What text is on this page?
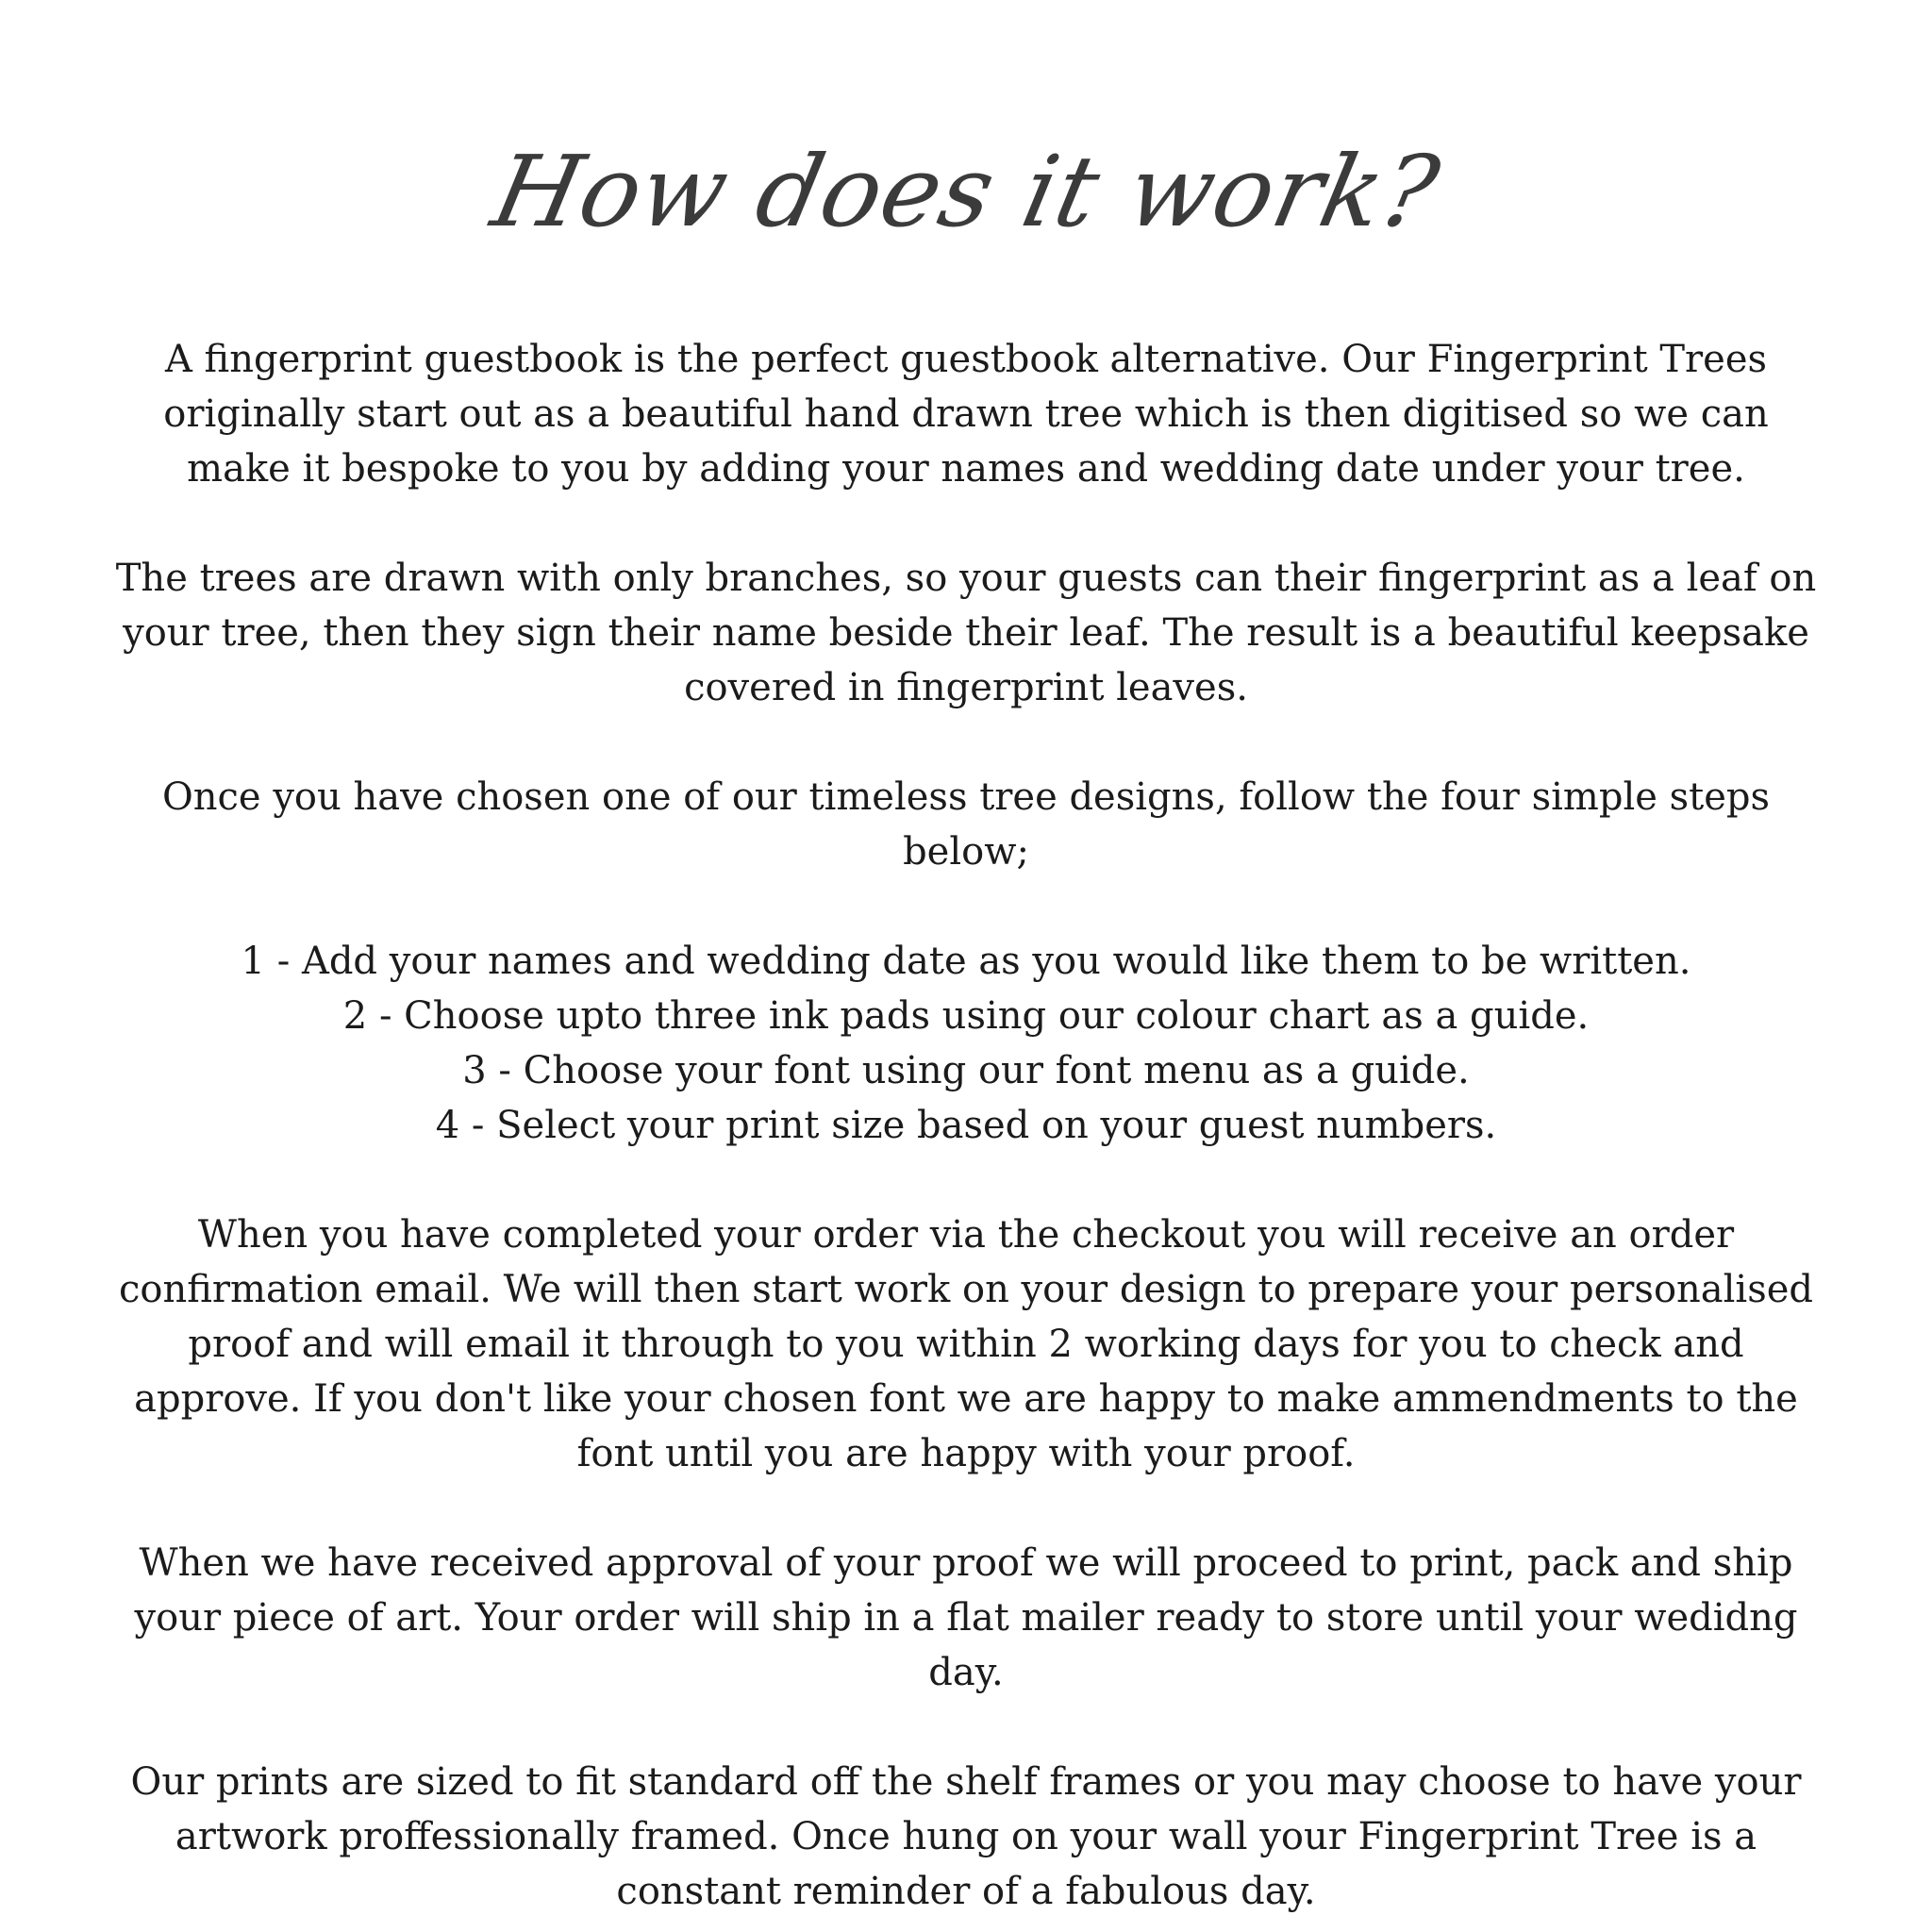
How does it work?

A fingerprint guestbook is the perfect guestbook alternative. Our Fingerprint Trees originally start out as a beautiful hand drawn tree which is then digitised so we can make it bespoke to you by adding your names and wedding date under your tree.

The trees are drawn with only branches, so your guests can their fingerprint as a leaf on your tree, then they sign their name beside their leaf. The result is a beautiful keepsake covered in fingerprint leaves.

Once you have chosen one of our timeless tree designs, follow the four simple steps below;

1 - Add your names and wedding date as you would like them to be written.
2 - Choose upto three ink pads using our colour chart as a guide.
3 - Choose your font using our font menu as a guide.
4 - Select your print size based on your guest numbers.

When you have completed your order via the checkout you will receive an order confirmation email. We will then start work on your design to prepare your personalised proof and will email it through to you within 2 working days for you to check and approve. If you don't like your chosen font we are happy to make ammendments to the font until you are happy with your proof.

When we have received approval of your proof we will proceed to print, pack and ship your piece of art. Your order will ship in a flat mailer ready to store until your wedidng day.

Our prints are sized to fit standard off the shelf frames or you may choose to have your artwork proffessionally framed. Once hung on your wall your Fingerprint Tree is a constant reminder of a fabulous day.
